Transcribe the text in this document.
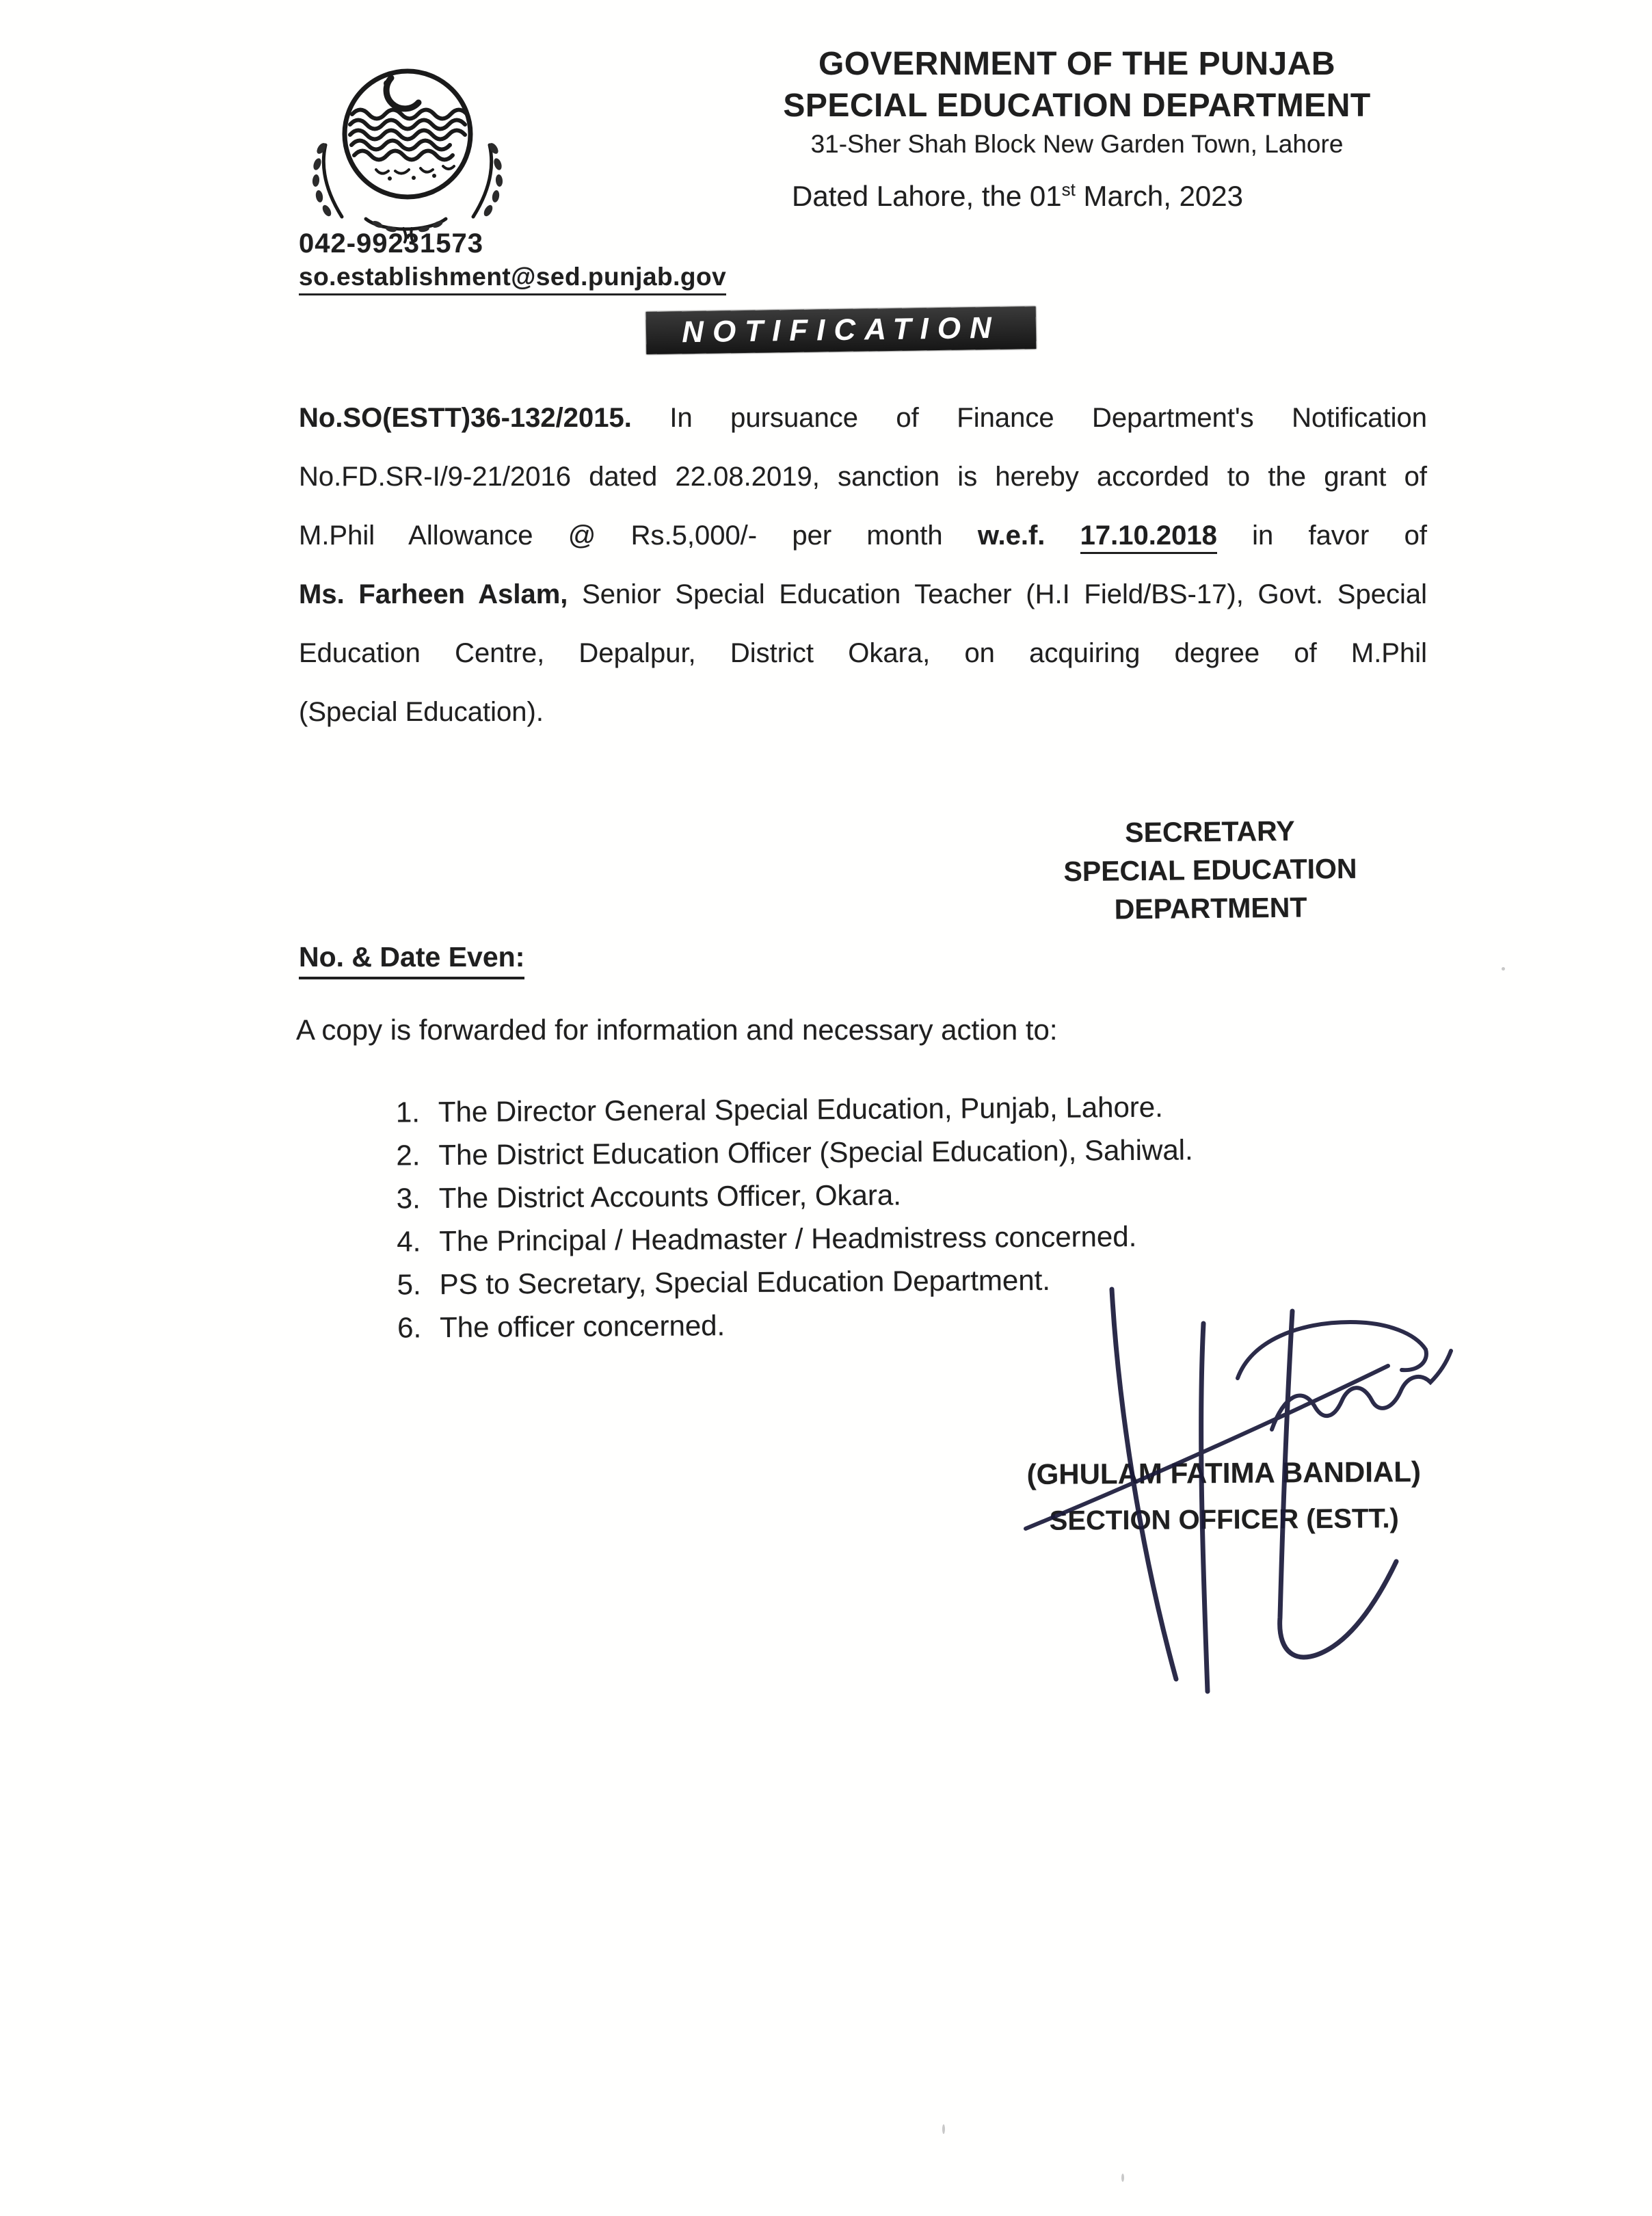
042-99231573
so.establishment@sed.punjab.gov
GOVERNMENT OF THE PUNJAB
SPECIAL EDUCATION DEPARTMENT
31-Sher Shah Block New Garden Town, Lahore
Dated Lahore, the 01st March, 2023
NOTIFICATION
No.SO(ESTT)36-132/2015. In pursuance of Finance Department's Notification
No.FD.SR-I/9-21/2016 dated 22.08.2019, sanction is hereby accorded to the grant of
M.Phil Allowance @ Rs.5,000/- per month w.e.f. 17.10.2018 in favor of
Ms. Farheen Aslam, Senior Special Education Teacher (H.I Field/BS-17), Govt. Special
Education Centre, Depalpur, District Okara, on acquiring degree of M.Phil
(Special Education).
SECRETARY
SPECIAL EDUCATION
DEPARTMENT
No. & Date Even:
A copy is forwarded for information and necessary action to:
1. The Director General Special Education, Punjab, Lahore.
2. The District Education Officer (Special Education), Sahiwal.
3. The District Accounts Officer, Okara.
4. The Principal / Headmaster / Headmistress concerned.
5. PS to Secretary, Special Education Department.
6. The officer concerned.
(GHULAM FATIMA BANDIAL)
SECTION OFFICER (ESTT.)
